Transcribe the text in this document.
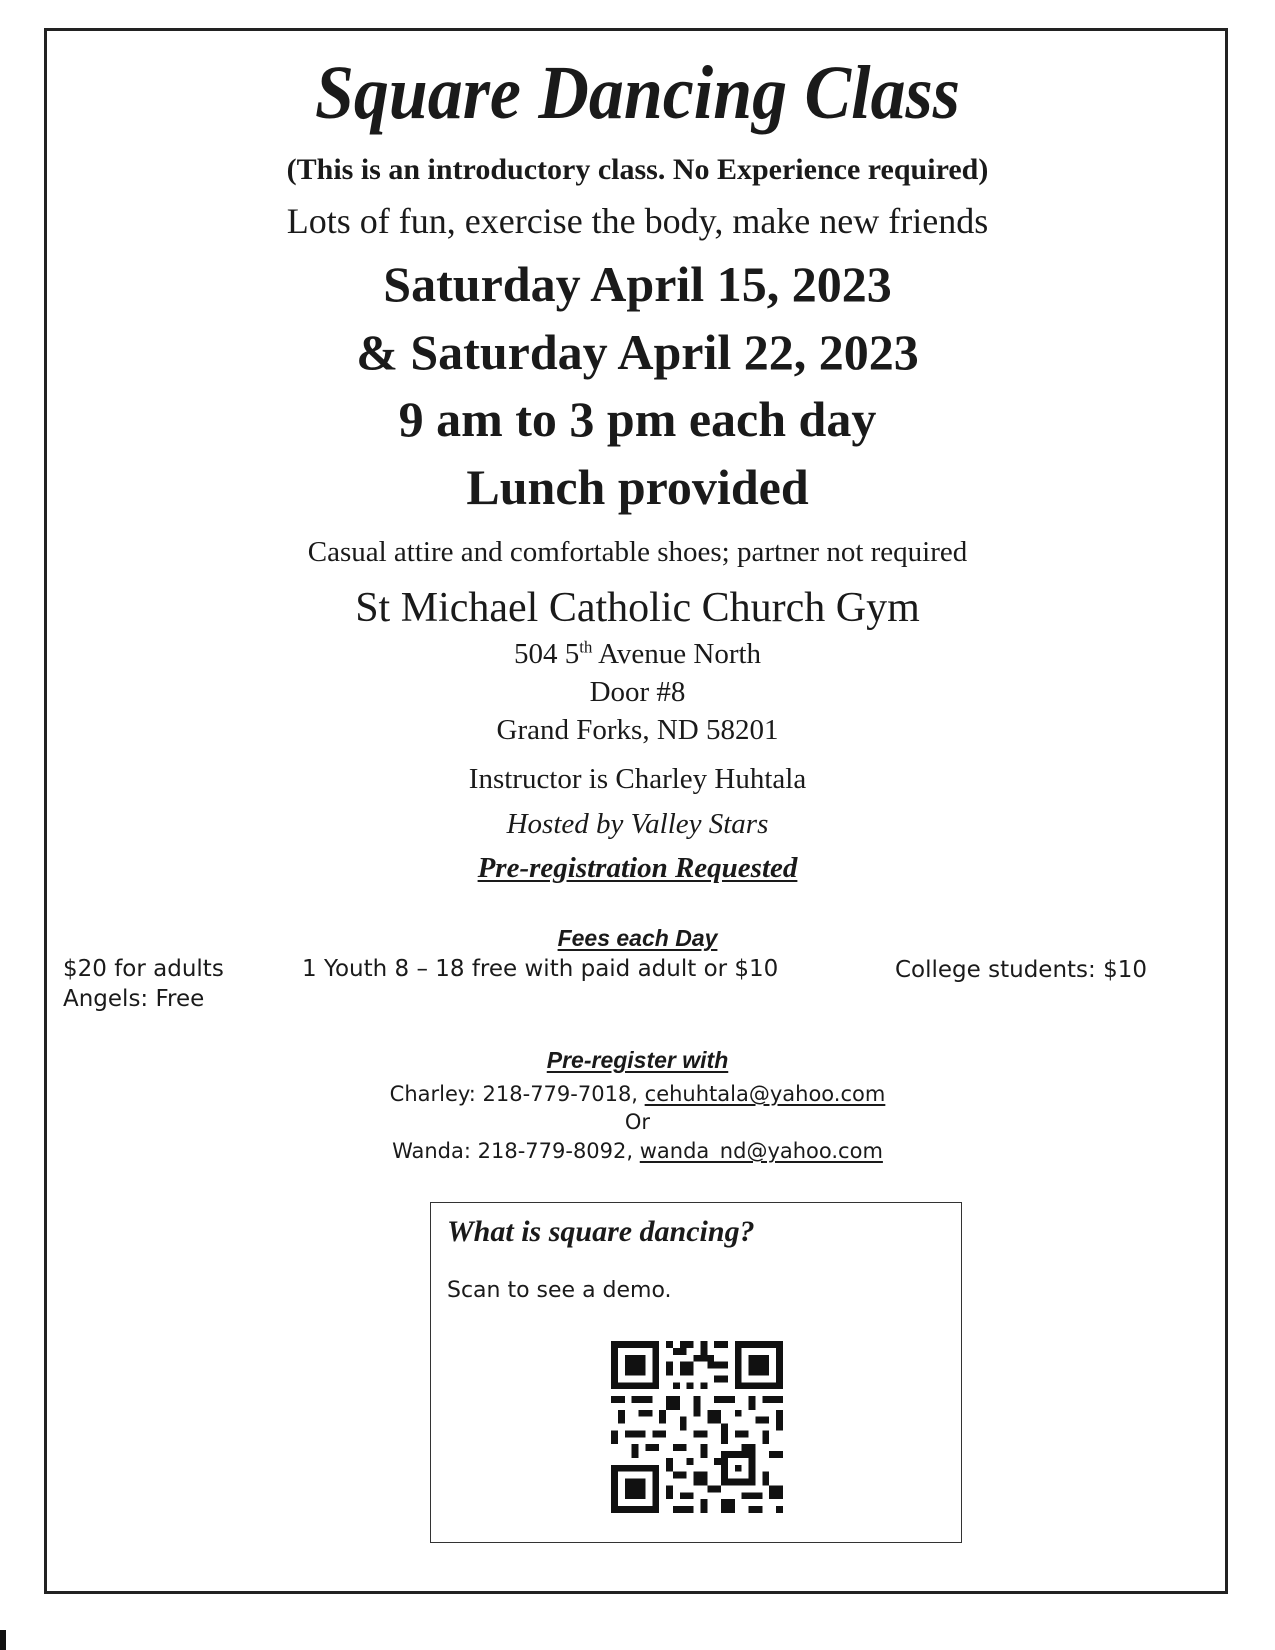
Square Dancing Class
(This is an introductory class. No Experience required)
Lots of fun, exercise the body, make new friends
Saturday April 15, 2023
& Saturday April 22, 2023
9 am to 3 pm each day
Lunch provided
Casual attire and comfortable shoes; partner not required
St Michael Catholic Church Gym
504 5th Avenue North
Door #8
Grand Forks, ND 58201
Instructor is Charley Huhtala
Hosted by Valley Stars
Pre-registration Requested
Fees each Day
$20 for adults
Angels: Free
1 Youth 8 – 18 free with paid adult or $10	College students: $10
Pre-register with
Charley: 218-779-7018, cehuhtala@yahoo.com
Or
Wanda: 218-779-8092, wanda_nd@yahoo.com
What is square dancing?
Scan to see a demo.
